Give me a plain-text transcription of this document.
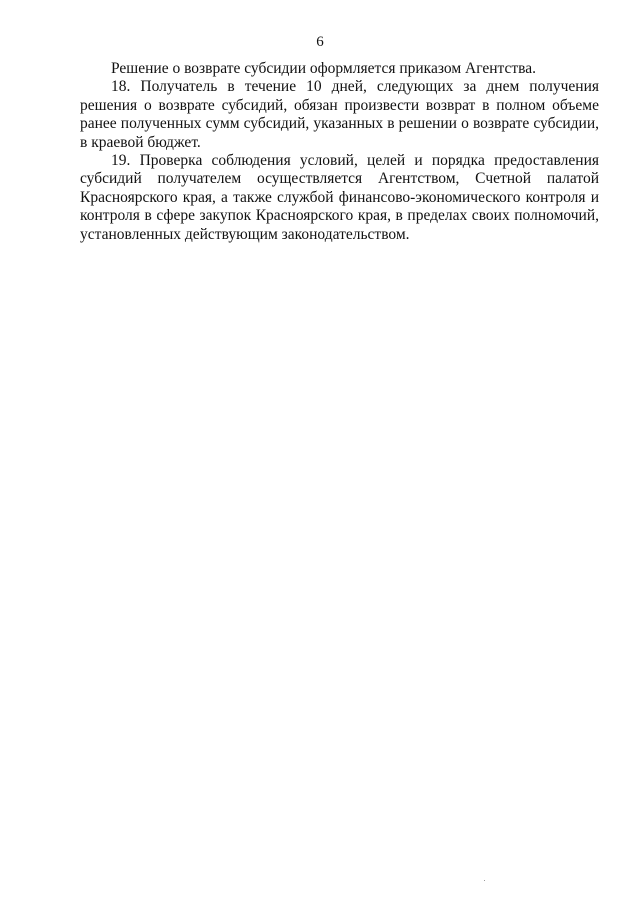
6

Решение о возврате субсидии оформляется приказом Агентства.

18. Получатель в течение 10 дней, следующих за днем получения решения о возврате субсидий, обязан произвести возврат в полном объеме ранее полученных сумм субсидий, указанных в решении о возврате субсидии, в краевой бюджет.

19. Проверка соблюдения условий, целей и порядка предоставления субсидий получателем осуществляется Агентством, Счетной палатой Красноярского края, а также службой финансово-экономического контроля и контроля в сфере закупок Красноярского края, в пределах своих полномочий, установленных действующим законодательством.
